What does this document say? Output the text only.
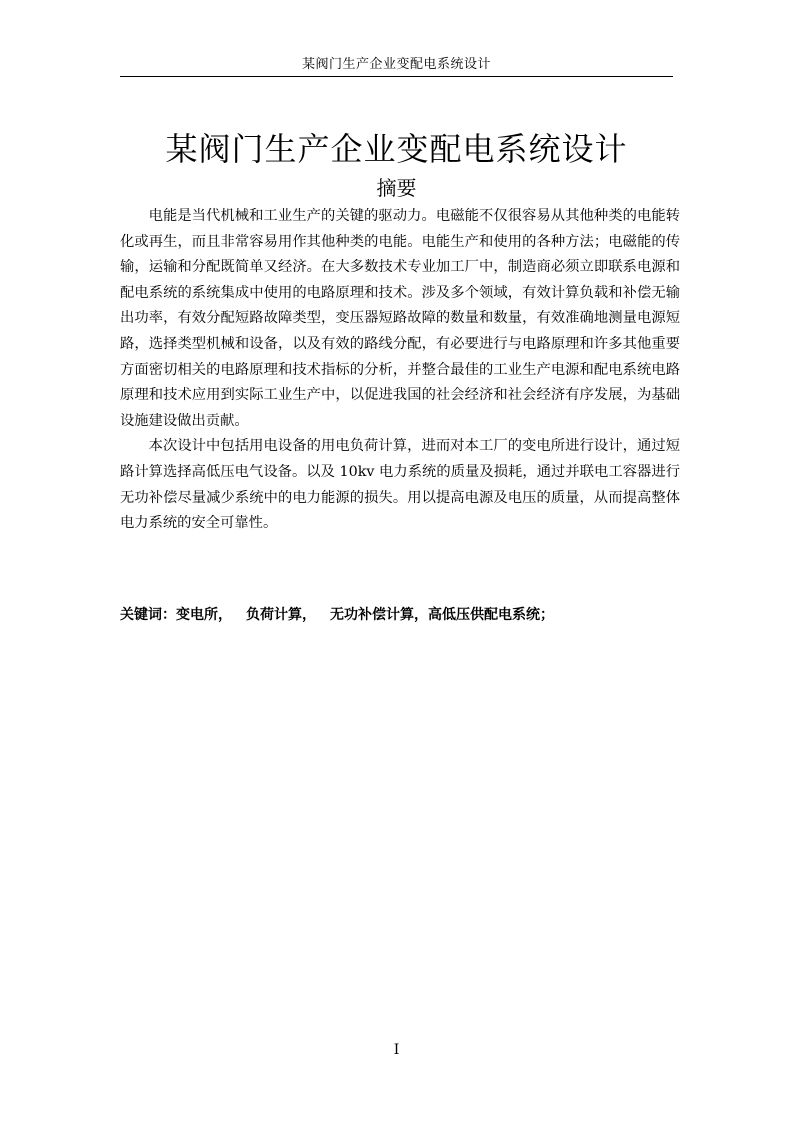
某阀门生产企业变配电系统设计
某阀门生产企业变配电系统设计
摘要

电能是当代机械和工业生产的关键的驱动力。电磁能不仅很容易从其他种类的电能转化或再生，而且非常容易用作其他种类的电能。电能生产和使用的各种方法；电磁能的传输，运输和分配既简单又经济。在大多数技术专业加工厂中，制造商必须立即联系电源和配电系统的系统集成中使用的电路原理和技术。涉及多个领域，有效计算负载和补偿无输出功率，有效分配短路故障类型，变压器短路故障的数量和数量，有效准确地测量电源短路，选择类型机械和设备，以及有效的路线分配，有必要进行与电路原理和许多其他重要方面密切相关的电路原理和技术指标的分析，并整合最佳的工业生产电源和配电系统电路原理和技术应用到实际工业生产中，以促进我国的社会经济和社会经济有序发展，为基础设施建设做出贡献。

本次设计中包括用电设备的用电负荷计算，进而对本工厂的变电所进行设计，通过短路计算选择高低压电气设备。以及 10kv 电力系统的质量及损耗，通过并联电工容器进行无功补偿尽量减少系统中的电力能源的损失。用以提高电源及电压的质量，从而提高整体电力系统的安全可靠性。

关键词：变电所， 负荷计算， 无功补偿计算，高低压供配电系统；
I
